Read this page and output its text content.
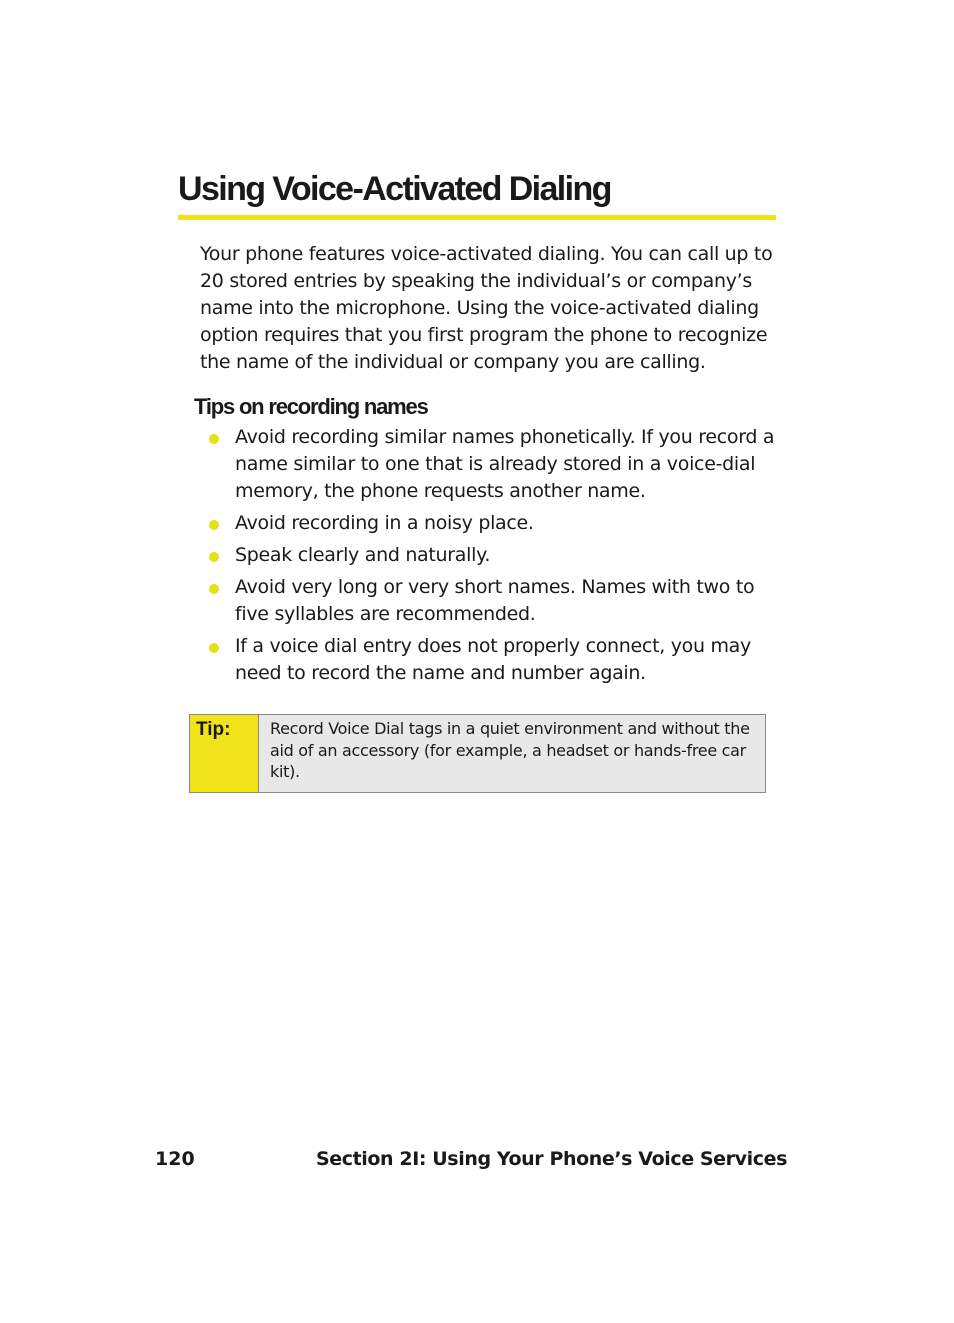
Using Voice-Activated Dialing

Your phone features voice-activated dialing. You can call up to 20 stored entries by speaking the individual’s or company’s name into the microphone. Using the voice-activated dialing option requires that you first program the phone to recognize the name of the individual or company you are calling.

Tips on recording names
Avoid recording similar names phonetically. If you record a name similar to one that is already stored in a voice-dial memory, the phone requests another name.
Avoid recording in a noisy place.
Speak clearly and naturally.
Avoid very long or very short names. Names with two to five syllables are recommended.
If a voice dial entry does not properly connect, you may need to record the name and number again.
Tip: Record Voice Dial tags in a quiet environment and without the aid of an accessory (for example, a headset or hands-free car kit).

120	Section 2I: Using Your Phone’s Voice Services
